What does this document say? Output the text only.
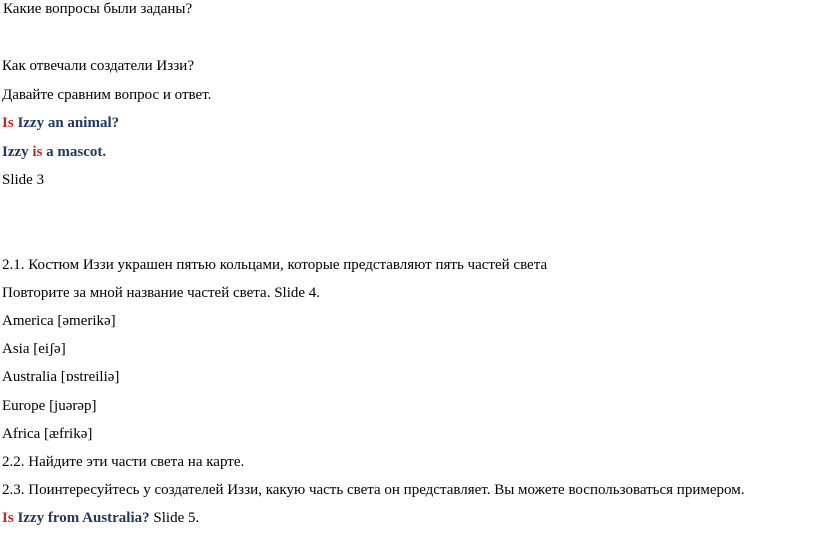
Какие вопросы были заданы?
Как отвечали создатели Иззи?
Давайте сравним вопрос и ответ.
Is Izzy an animal?
Izzy is a mascot.
Slide 3
2.1. Костюм Иззи украшен пятью кольцами, которые представляют пять частей света
Повторите за мной название частей света. Slide 4.
America [əmerikə]
Asia [eiʃə]
Australia [ɒstreiliə]
Europe [juərəp]
Africa [æfrikə]
2.2. Найдите эти части света на карте.
2.3. Поинтересуйтесь у создателей Иззи, какую часть света он представляет. Вы можете воспользоваться примером.
Is Izzy from Australia? Slide 5.
